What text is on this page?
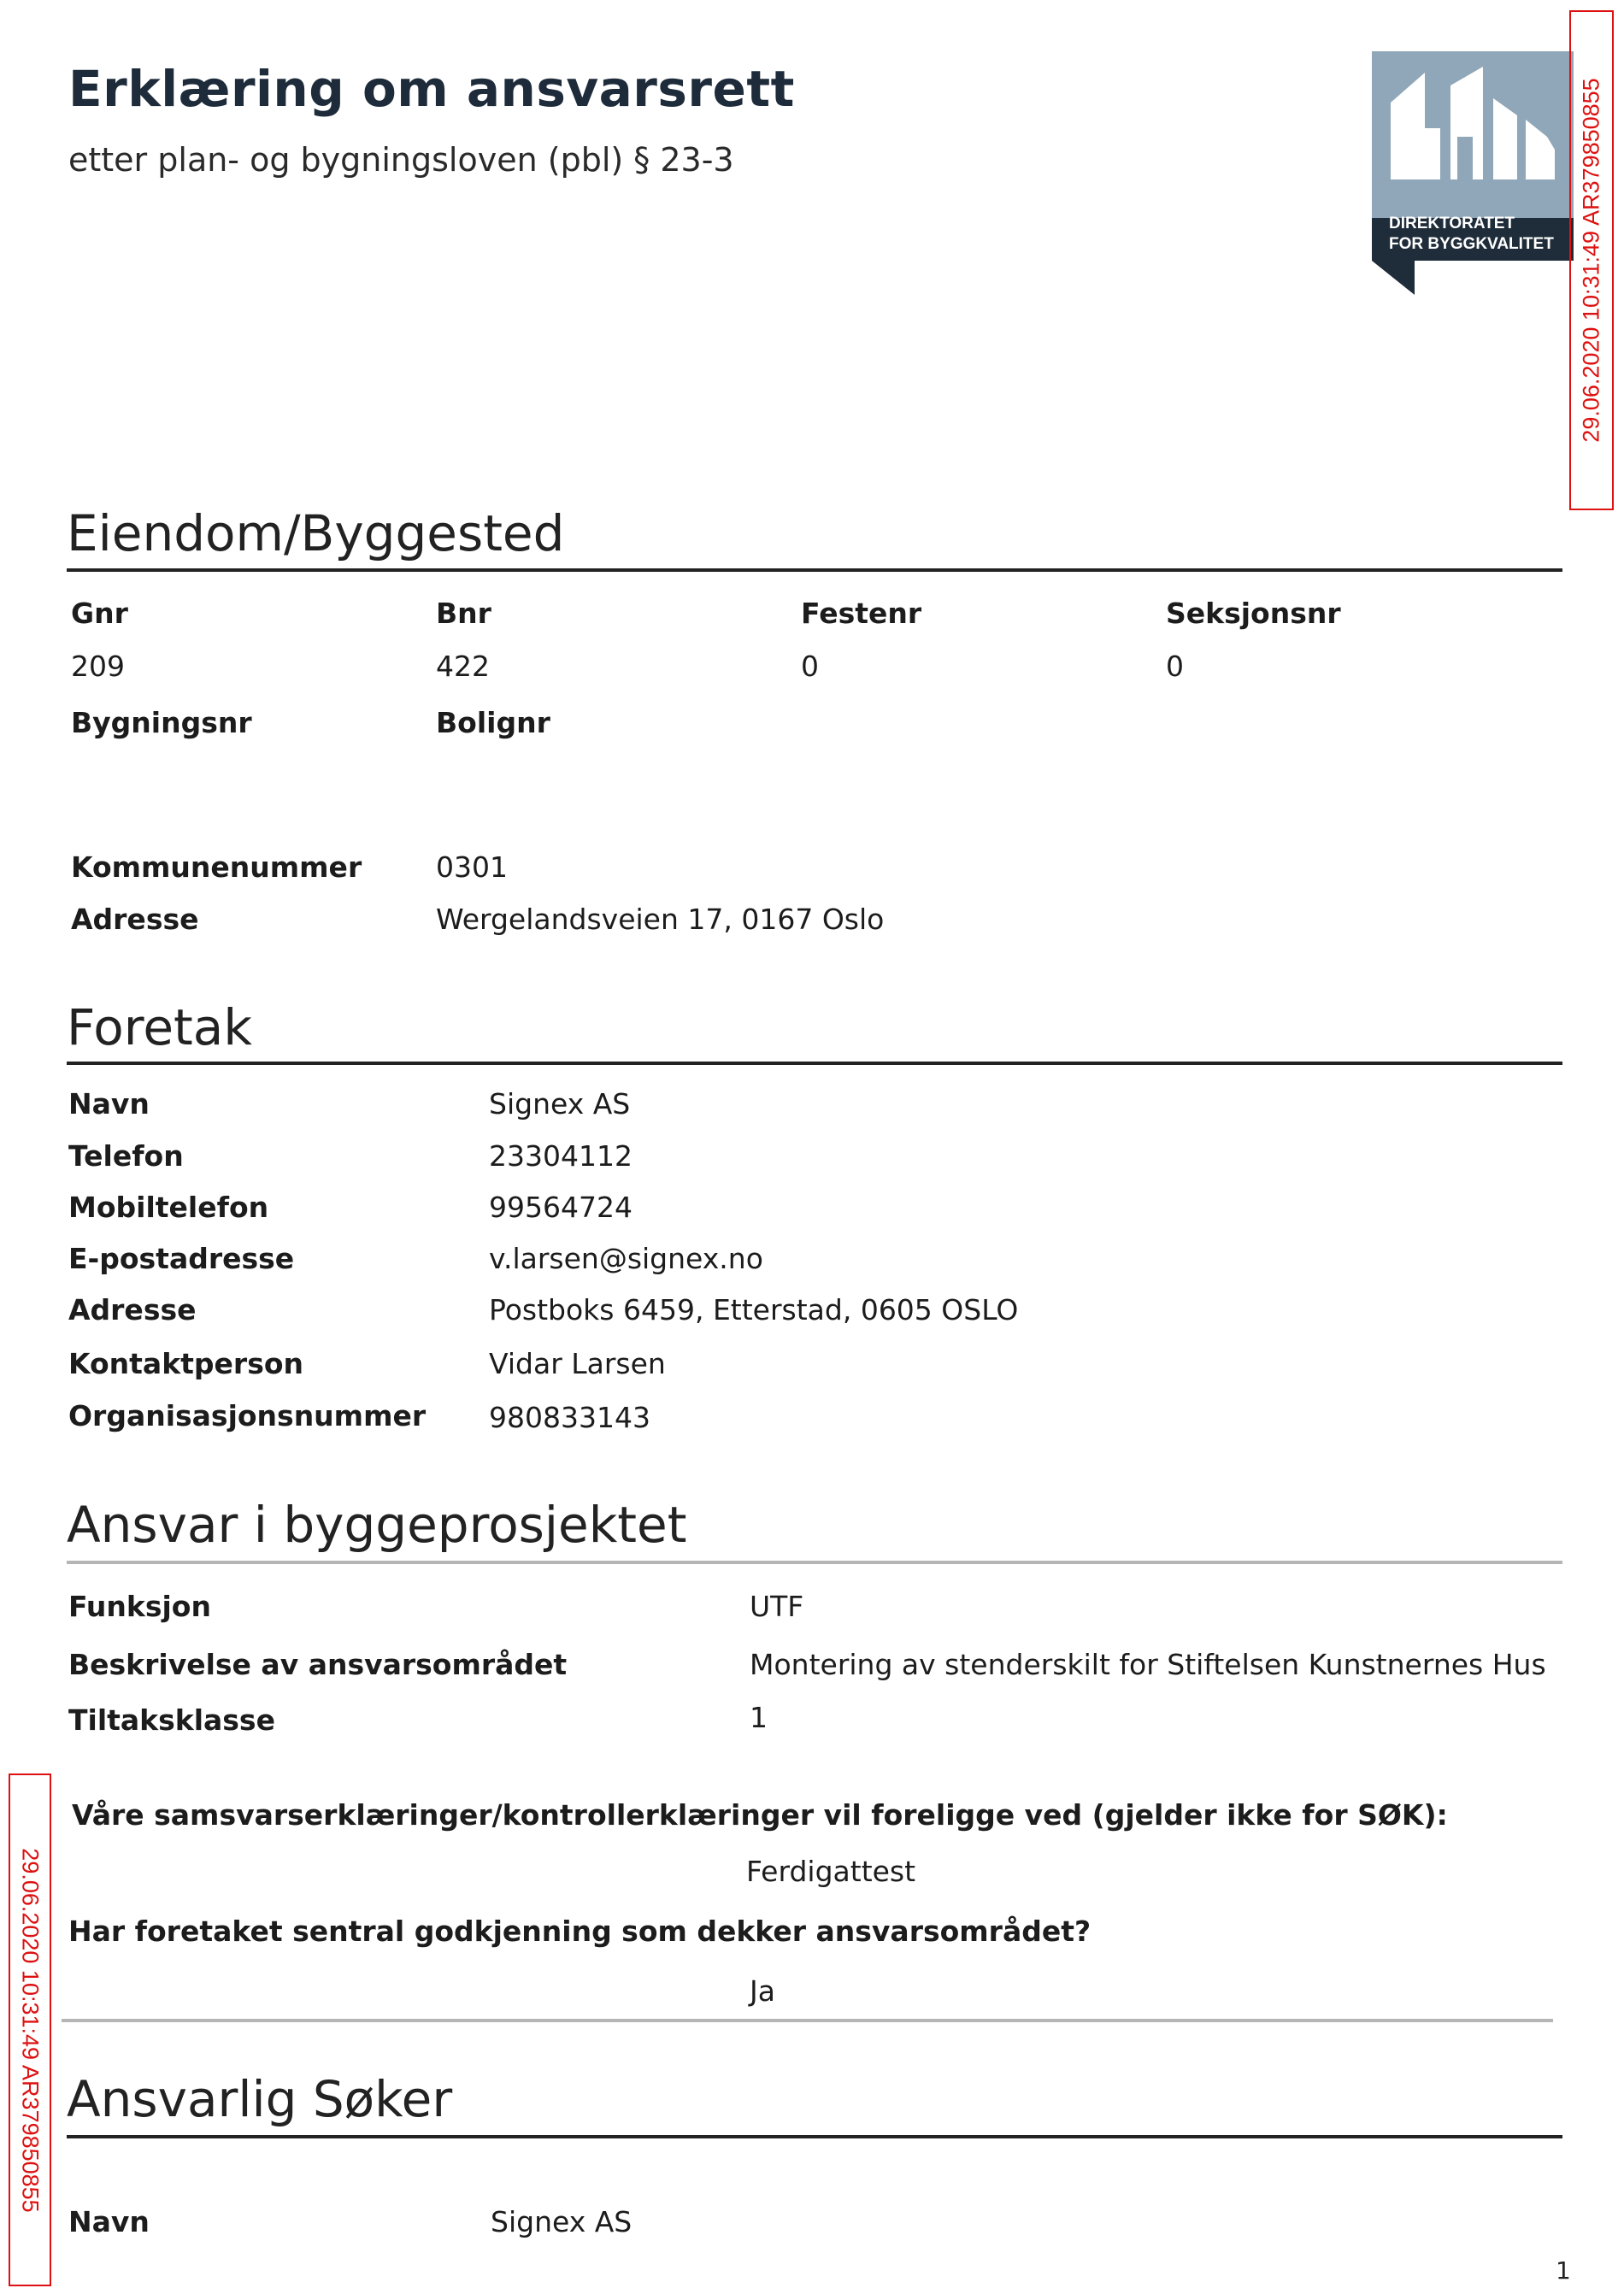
Erklæring om ansvarsrett
etter plan- og bygningsloven (pbl) § 23-3
DIREKTORATET
FOR BYGGKVALITET 29.06.2020 10:31:49 AR379850855
29.06.2020 10:31:49 AR379850855
Eiendom/Byggested
Gnr	Bnr	Festenr	Seksjonsnr
209	422	0	0
Bygningsnr	Bolignr
Kommunenummer	0301
Adresse	Wergelandsveien 17, 0167 Oslo
Foretak
Navn	Signex AS
Telefon	23304112
Mobiltelefon	99564724
E-postadresse	v.larsen@signex.no
Adresse	Postboks 6459, Etterstad, 0605 OSLO
Kontaktperson	Vidar Larsen
Organisasjonsnummer 980833143
Ansvar i byggeprosjektet
Funksjon	UTF
Beskrivelse av ansvarsområdet	Montering av stenderskilt for Stiftelsen Kunstnernes Hus
Tiltaksklasse	1
Våre samsvarserklæringer/kontrollerklæringer vil foreligge ved (gjelder ikke for SØK):
Ferdigattest
Har foretaket sentral godkjenning som dekker ansvarsområdet?
Ja
Ansvarlig Søker
Navn	Signex AS
1
